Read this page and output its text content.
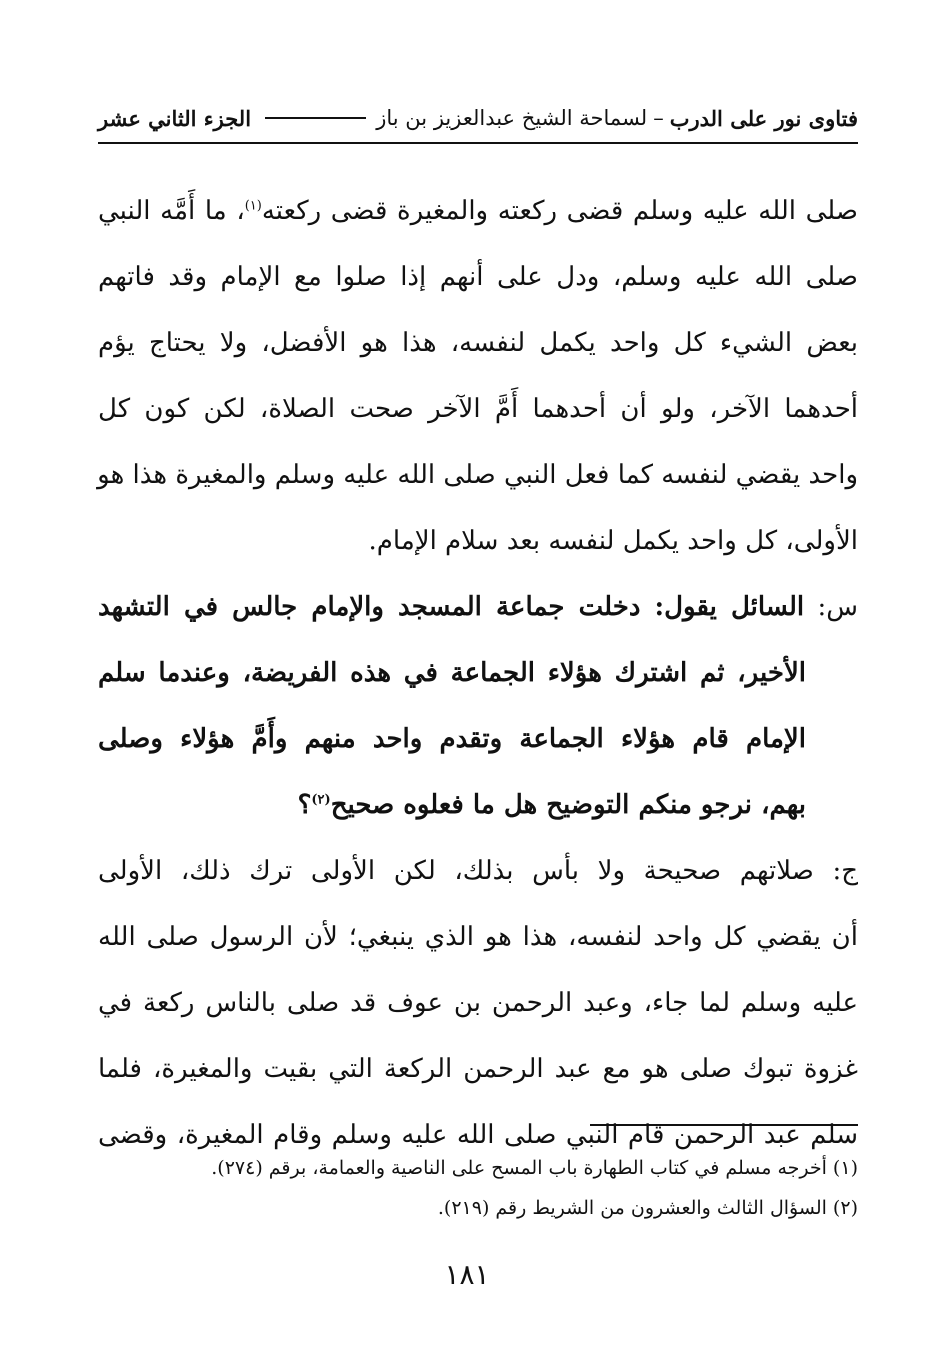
فتاوى نور على الدرب
–
لسماحة الشيخ عبدالعزيز بن باز
الجزء الثاني عشر
صلى الله عليه وسلم قضى ركعته والمغيرة قضى ركعته$^{(١)}$، ما أَمَّه النبي
صلى الله عليه وسلم، ودل على أنهم إذا صلوا مع الإمام وقد فاتهم
بعض الشيء كل واحد يكمل لنفسه، هذا هو الأفضل، ولا يحتاج يؤم
أحدهما الآخر، ولو أن أحدهما أَمَّ الآخر صحت الصلاة، لكن كون كل
واحد يقضي لنفسه كما فعل النبي صلى الله عليه وسلم والمغيرة هذا هو
الأولى، كل واحد يكمل لنفسه بعد سلام الإمام.
س: السائل يقول: دخلت جماعة المسجد والإمام جالس في التشهد
الأخير، ثم اشترك هؤلاء الجماعة في هذه الفريضة، وعندما سلم
الإمام قام هؤلاء الجماعة وتقدم واحد منهم وأَمَّ هؤلاء وصلى
بهم، نرجو منكم التوضيح هل ما فعلوه صحيح$^{(٢)}$؟
ج: صلاتهم صحيحة ولا بأس بذلك، لكن الأولى ترك ذلك، الأولى
أن يقضي كل واحد لنفسه، هذا هو الذي ينبغي؛ لأن الرسول صلى الله
عليه وسلم لما جاء، وعبد الرحمن بن عوف قد صلى بالناس ركعة في
غزوة تبوك صلى هو مع عبد الرحمن الركعة التي بقيت والمغيرة، فلما
سلم عبد الرحمن قام النبي صلى الله عليه وسلم وقام المغيرة، وقضى
(١) أخرجه مسلم في كتاب الطهارة باب المسح على الناصية والعمامة، برقم (٢٧٤).
(٢) السؤال الثالث والعشرون من الشريط رقم (٢١٩).
١٨١
